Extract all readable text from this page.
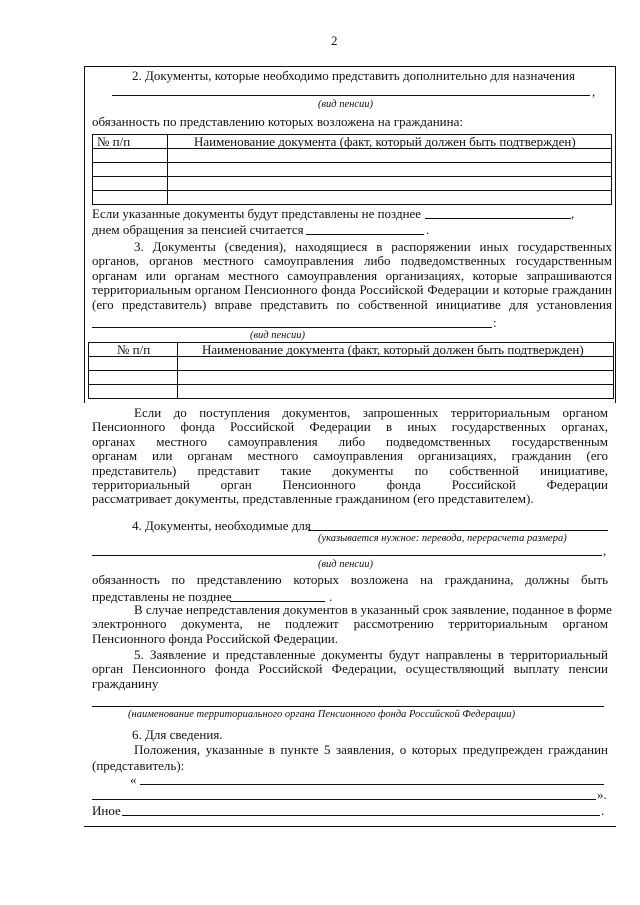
2
2. Документы, которые необходимо представить дополнительно для назначения
,
(вид пенсии)
обязанность по представлению которых возложена на гражданина:
№ п/п	Наименование документа (факт, который должен быть подтвержден)

Если указанные документы будут представлены не позднее	,
днем обращения за пенсией считается	.
3. Документы (сведения), находящиеся в распоряжении иных государственных
органов, органов местного самоуправления либо подведомственных государственным
органам или органам местного самоуправления организациях, которые запрашиваются
территориальным органом Пенсионного фонда Российской Федерации и которые гражданин
(его представитель) вправе представить по собственной инициативе для установления
:
(вид пенсии)
№ п/п	Наименование документа (факт, который должен быть подтвержден)

Если до поступления документов, запрошенных территориальным органом
Пенсионного фонда Российской Федерации в иных государственных органах,
органах местного самоуправления либо подведомственных государственным
органам или органам местного самоуправления организациях, гражданин (его
представитель) представит такие документы по собственной инициативе,
территориальный орган Пенсионного фонда Российской Федерации
рассматривает документы, представленные гражданином (его представителем).
4. Документы, необходимые для
(указывается нужное: перевода, перерасчета размера)
,
(вид пенсии)
обязанность по представлению которых возложена на гражданина, должны быть
представлены не позднее	.
В случае непредставления документов в указанный срок заявление, поданное в форме
электронного документа, не подлежит рассмотрению территориальным органом
Пенсионного фонда Российской Федерации.
5. Заявление и представленные документы будут направлены в территориальный
орган Пенсионного фонда Российской Федерации, осуществляющий выплату пенсии
гражданину
(наименование территориального органа Пенсионного фонда Российской Федерации)
6. Для сведения.
Положения, указанные в пункте 5 заявления, о которых предупрежден гражданин
(представитель):
«
».
Иное	.
